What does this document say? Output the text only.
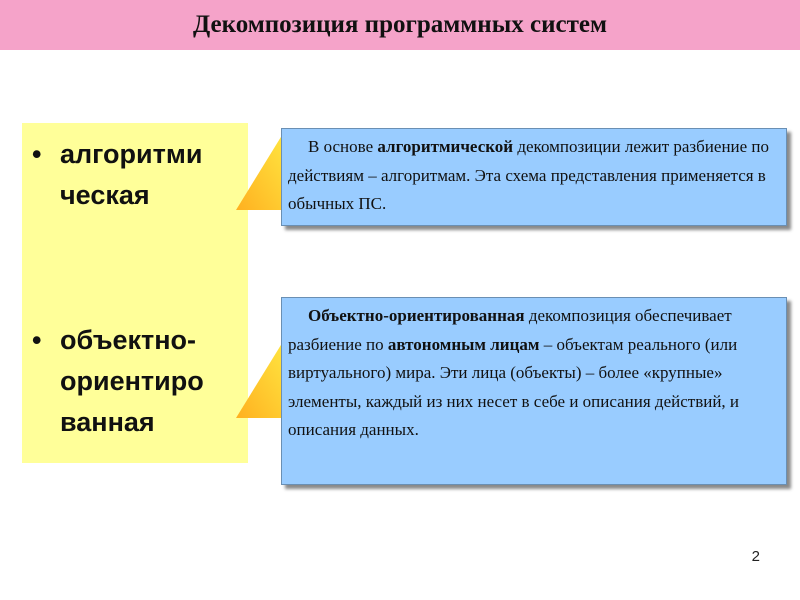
Декомпозиция программных систем
• алгоритми
ческая
• объектно-
ориентиро
ванная

В основе алгоритмической декомпозиции лежит разбиение по действиям – алгоритмам. Эта схема представления применяется в обычных ПС.

Объектно-ориентированная декомпозиция обеспечивает разбиение по автономным лицам – объектам реального (или виртуального) мира. Эти лица (объекты) – более «крупные» элементы, каждый из них несет в себе и описания действий, и описания данных.

2
